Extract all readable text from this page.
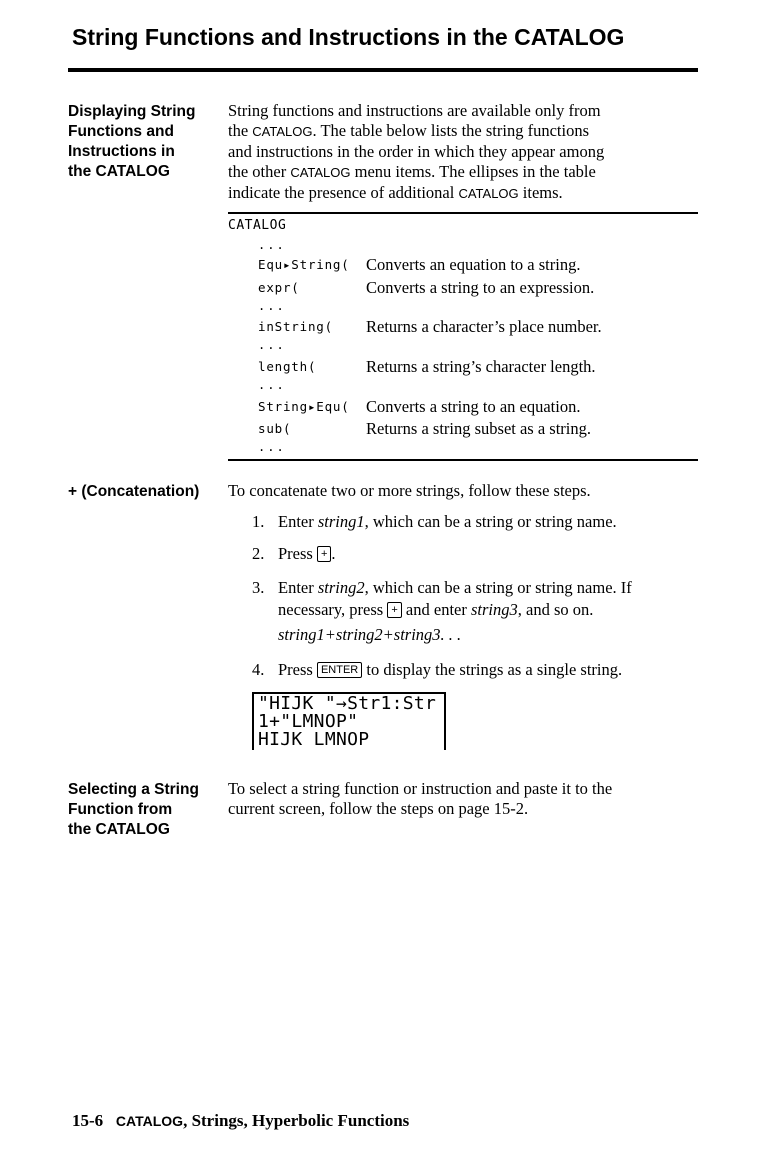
String Functions and Instructions in the CATALOG
Displaying String
Functions and
Instructions in
the CATALOG
String functions and instructions are available only from
the CATALOG. The table below lists the string functions
and instructions in the order in which they appear among
the other CATALOG menu items. The ellipses in the table
indicate the presence of additional CATALOG items.
CATALOG
...
Equ▸String( Converts an equation to a string.
expr(	Converts a string to an expression.
...
inString( Returns a character’s place number.
...
length(	Returns a string’s character length.
...
String▸Equ( Converts a string to an equation.
sub(	Returns a string subset as a string.
...
+ (Concatenation)	To concatenate two or more strings, follow these steps.
1. Enter string1, which can be a string or string name.
2. Press + .
3. Enter string2, which can be a string or string name. If
necessary, press + and enter string3, and so on.
string1+string2+string3. . .
4. Press ENTER to display the strings as a single string.
"HIJK "→Str1:Str
1+"LMNOP"
HIJK LMNOP
Selecting a String
Function from
the CATALOG
To select a string function or instruction and paste it to the
current screen, follow the steps on page 15-2.
15-6 CATALOG, Strings, Hyperbolic Functions
